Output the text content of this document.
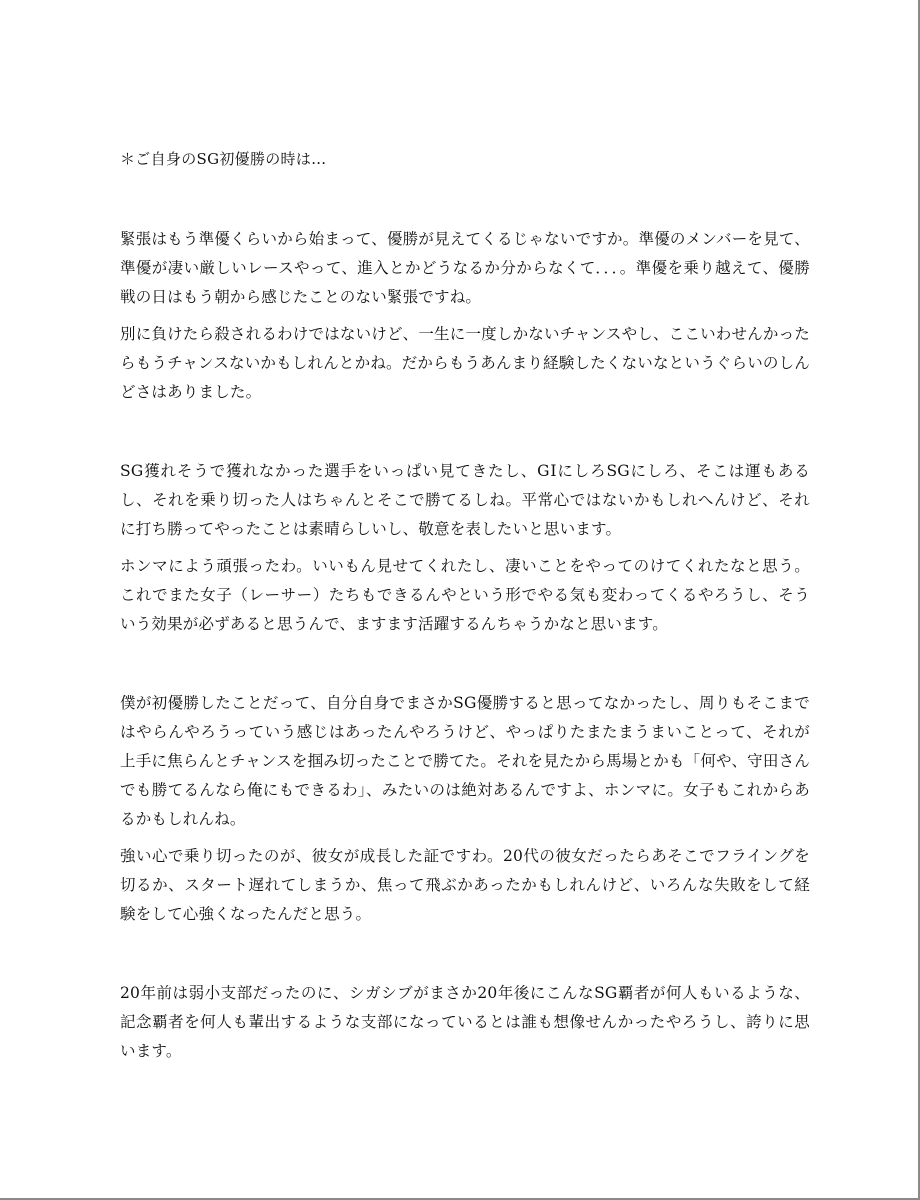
＊ご自身のSG初優勝の時は…

緊張はもう準優くらいから始まって、優勝が見えてくるじゃないですか。準優のメンバーを見て、準優が凄い厳しいレースやって、進入とかどうなるか分からなくて．．．。準優を乗り越えて、優勝戦の日はもう朝から感じたことのない緊張ですね。

別に負けたら殺されるわけではないけど、一生に一度しかないチャンスやし、ここいわせんかったらもうチャンスないかもしれんとかね。だからもうあんまり経験したくないなというぐらいのしんどさはありました。

SG獲れそうで獲れなかった選手をいっぱい見てきたし、GⅠにしろSGにしろ、そこは運もあるし、それを乗り切った人はちゃんとそこで勝てるしね。平常心ではないかもしれへんけど、それに打ち勝ってやったことは素晴らしいし、敬意を表したいと思います。

ホンマによう頑張ったわ。いいもん見せてくれたし、凄いことをやってのけてくれたなと思う。これでまた女子（レーサー）たちもできるんやという形でやる気も変わってくるやろうし、そういう効果が必ずあると思うんで、ますます活躍するんちゃうかなと思います。

僕が初優勝したことだって、自分自身でまさかSG優勝すると思ってなかったし、周りもそこまではやらんやろうっていう感じはあったんやろうけど、やっぱりたまたまうまいことって、それが上手に焦らんとチャンスを掴み切ったことで勝てた。それを見たから馬場とかも「何や、守田さんでも勝てるんなら俺にもできるわ」、みたいのは絶対あるんですよ、ホンマに。女子もこれからあるかもしれんね。

強い心で乗り切ったのが、彼女が成長した証ですわ。20代の彼女だったらあそこでフライングを切るか、スタート遅れてしまうか、焦って飛ぶかあったかもしれんけど、いろんな失敗をして経験をして心強くなったんだと思う。

20年前は弱小支部だったのに、シガシブがまさか20年後にこんなSG覇者が何人もいるような、記念覇者を何人も輩出するような支部になっているとは誰も想像せんかったやろうし、誇りに思います。
